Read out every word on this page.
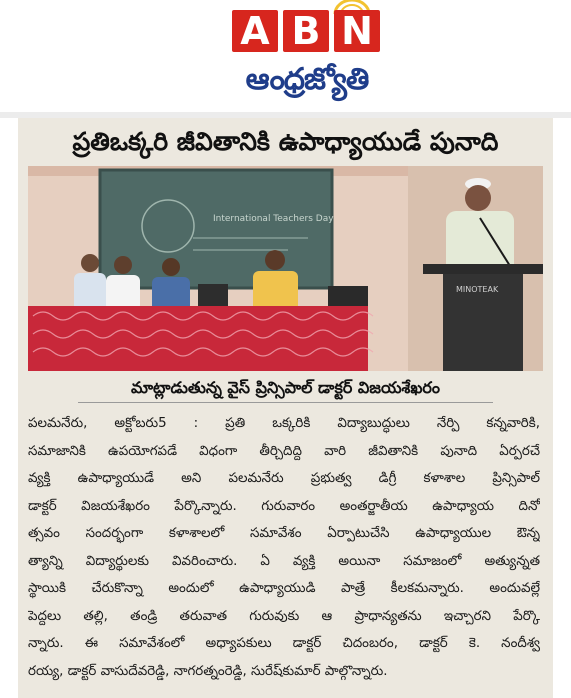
A B N
ఆంధ్రజ్యోతి
ప్రతిఒక్కరి జీవితానికి ఉపాధ్యాయుడే పునాది
International Teachers Day
MINOTEAK
మాట్లాడుతున్న వైస్ ప్రిన్సిపాల్ డాక్టర్ విజయశేఖరం
పలమనేరు, అక్టోబరు5 : ప్రతి ఒక్కరికి విద్యాబుద్ధులు నేర్పి కన్నవారికి,
సమాజానికి ఉపయోగపడే విధంగా తీర్చిదిద్ది వారి జీవితానికి పునాది ఏర్పరచే
వ్యక్తి ఉపాధ్యాయుడే అని పలమనేరు ప్రభుత్వ డిగ్రీ కళాశాల ప్రిన్సిపాల్
డాక్టర్ విజయశేఖరం పేర్కొన్నారు. గురువారం అంతర్జాతీయ ఉపాధ్యాయ దినో
త్సవం సందర్భంగా కళాశాలలో సమావేశం ఏర్పాటుచేసి ఉపాధ్యాయుల ఔన్న
త్యాన్ని విద్యార్థులకు వివరించారు. ఏ వ్యక్తి అయినా సమాజంలో అత్యున్నత
స్థాయికి చేరుకొన్నా అందులో ఉపాధ్యాయుడి పాత్రే కీలకమన్నారు. అందువల్లే
పెద్దలు తల్లి, తండ్రి తరువాత గురువుకు ఆ ప్రాధాన్యతను ఇచ్చారని పేర్కొ
న్నారు. ఈ సమావేశంలో అధ్యాపకులు డాక్టర్ చిదంబరం, డాక్టర్ కె. నందీశ్వ
రయ్య, డాక్టర్ వాసుదేవరెడ్డి, నాగరత్నంరెడ్డి, సురేష్‌కుమార్ పాల్గొన్నారు.
